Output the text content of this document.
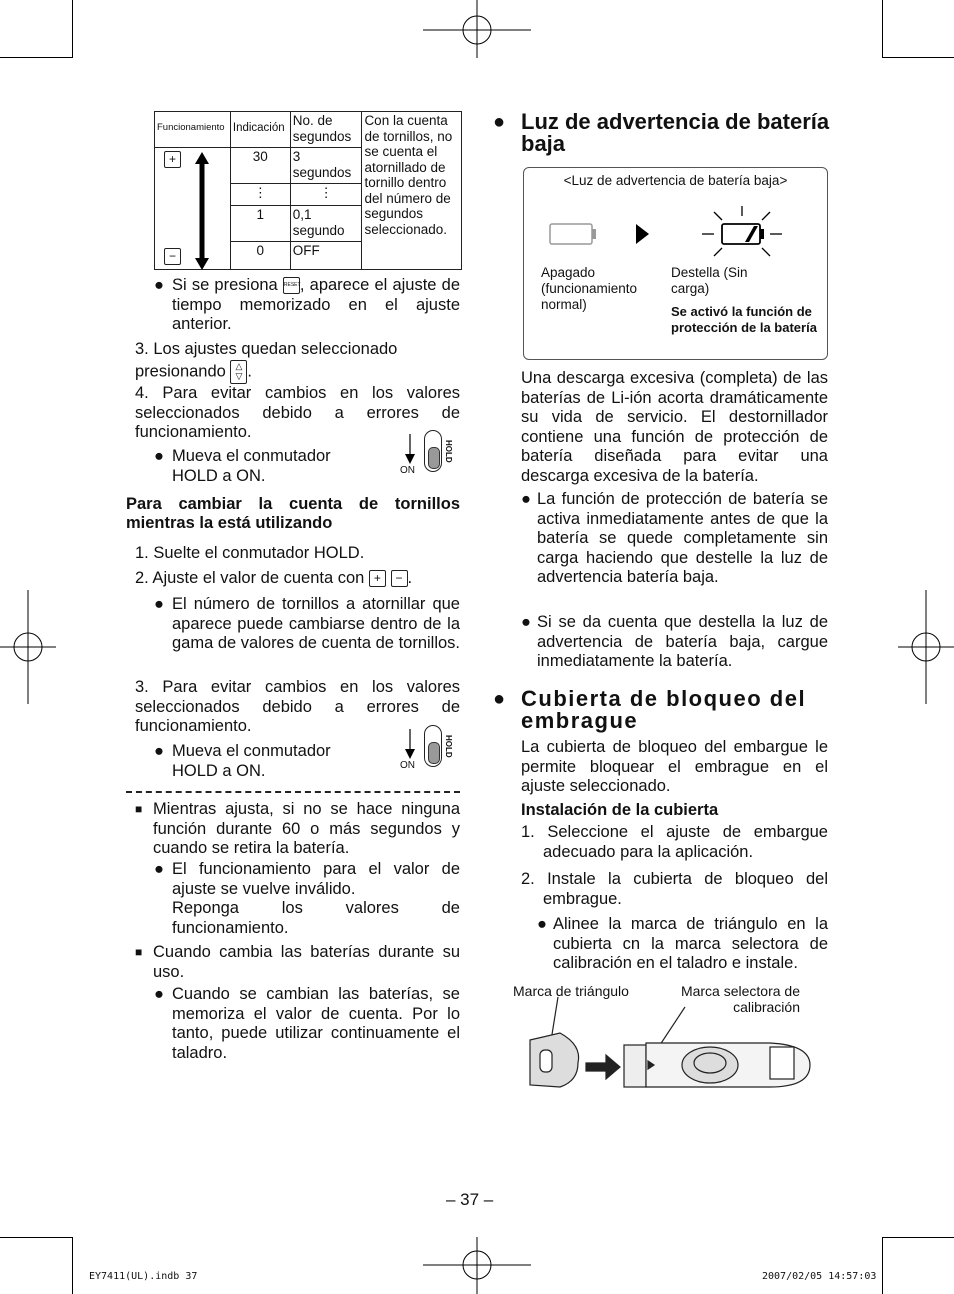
Funcionamiento	Indicación	No. de segundos	Con la cuenta de tornillos, no se cuenta el atornillado de tornillo dentro del número de segundos seleccionado.

+
−	30	3 segundos	
	⋮	⋮	
	1	0,1 segundo	
	0	OFF	
● Si se presiona RESET, aparece el ajuste de tiempo memorizado en el ajuste anterior.
3. Los ajustes quedan seleccionado presionando △
▽ .
4. Para evitar cambios en los valores seleccionados debido a errores de funcionamiento.
● Mueva el conmutador HOLD a ON.	ON
HOLD
Para cambiar la cuenta de tornillos mientras la está utilizando
1. Suelte el conmutador HOLD.
2. Ajuste el valor de cuenta con + − .
● El número de tornillos a atornillar que aparece puede cambiarse dentro de la gama de valores de cuenta de tornillos.
3. Para evitar cambios en los valores seleccionados debido a errores de funcionamiento.
● Mueva el conmutador HOLD a ON.	ON
HOLD
■ Mientras ajusta, si no se hace ninguna función durante 60 o más segundos y cuando se retira la batería.
● El funcionamiento para el valor de ajuste se vuelve inválido.
Reponga los valores de funcionamiento.
■ Cuando cambia las baterías durante su uso.
● Cuando se cambian las baterías, se memoriza el valor de cuenta. Por lo tanto, puede utilizar continuamente el taladro.
● Luz de advertencia de batería baja
<Luz de advertencia de batería baja>
Apagado (funcionamiento normal)
Destella (Sin carga)
Se activó la función de protección de la batería
Una descarga excesiva (completa) de las baterías de Li-ión acorta dramáticamente su vida de servicio. El destornillador contiene una función de protección de batería diseñada para evitar una descarga excesiva de la batería.
● La función de protección de batería se activa inmediatamente antes de que la batería se quede completamente sin carga haciendo que destelle la luz de advertencia batería baja.
● Si se da cuenta que destella la luz de advertencia de batería baja, cargue inmediatamente la batería.
● Cubierta de bloqueo del embrague
La cubierta de bloqueo del embargue le permite bloquear el embrague en el ajuste seleccionado.
Instalación de la cubierta
1. Seleccione el ajuste de embargue adecuado para la aplicación.
2. Instale la cubierta de bloqueo del embrague.
● Alinee la marca de triángulo en la cubierta cn la marca selectora de calibración en el taladro e instale.
Marca de triángulo	Marca selectora de calibración
– 37 –
EY7411(UL).indb 37	2007/02/05 14:57:03
